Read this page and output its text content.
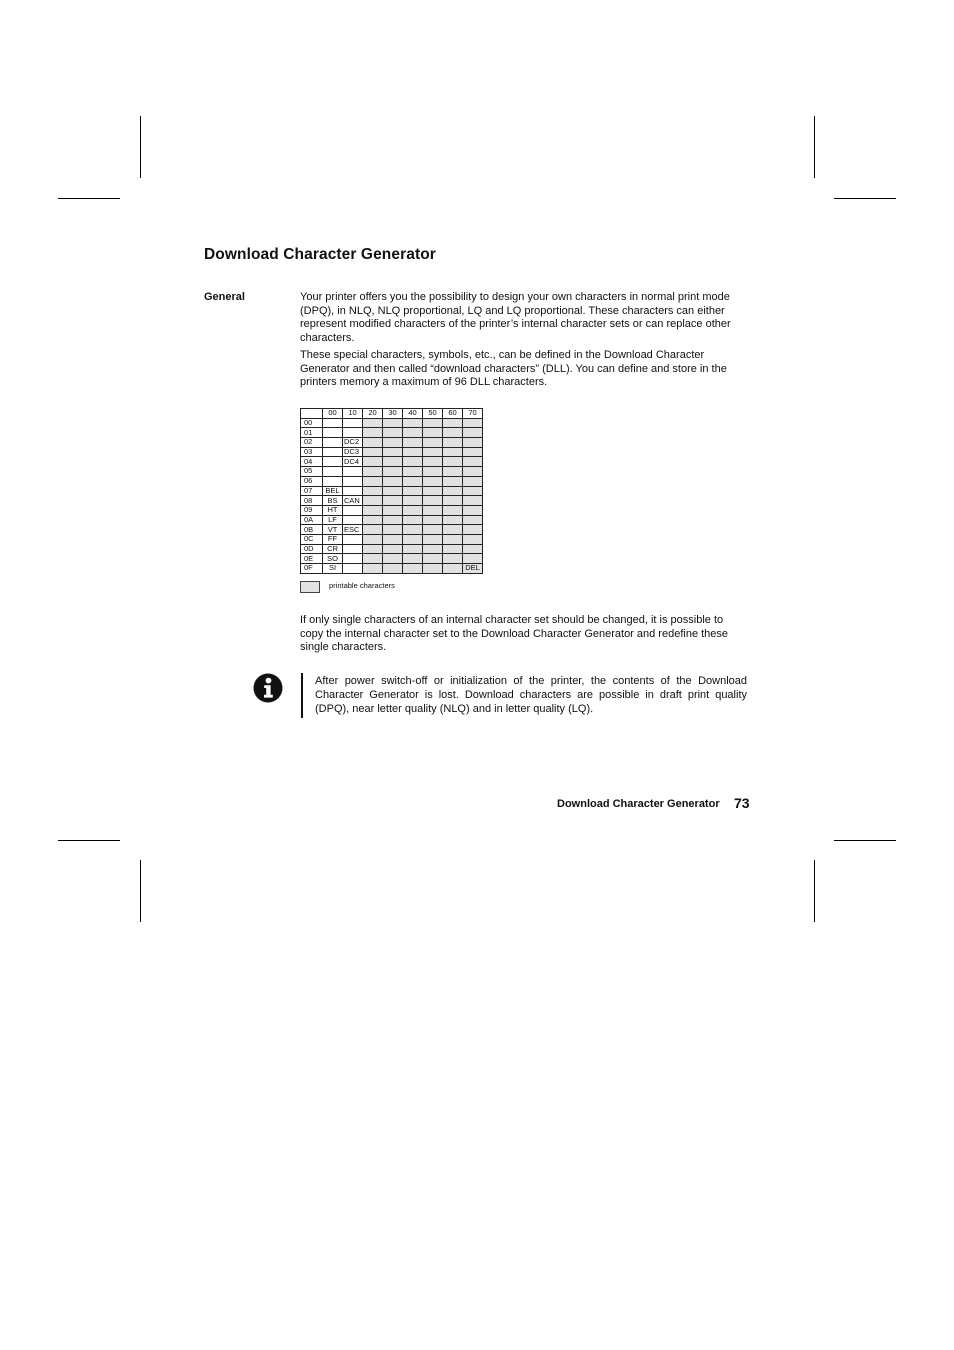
Download Character Generator
General	Your printer offers you the possibility to design your own characters in normal print mode (DPQ), in NLQ, NLQ proportional, LQ and LQ proportional. These characters can either represent modified characters of the printer’s internal character sets or can replace other characters.
These special characters, symbols, etc., can be defined in the Download Character Generator and then called “download characters” (DLL). You can define and store in the printers memory a maximum of 96 DLL characters.
	00	10	20	30	40	50	60	70
00								
01								
02		DC2						
03		DC3						
04		DC4						
05								
06								
07	BEL							
08	BS	CAN						
09	HT							
0A	LF							
0B	VT	ESC						
0C	FF							
0D	CR							
0E	SO							
0F	SI							DEL
printable characters
If only single characters of an internal character set should be changed, it is possible to copy the internal character set to the Download Character Generator and redefine these single characters.
After power switch-off or initialization of the printer, the contents of the Download Character Generator is lost. Download characters are possible in draft print quality (DPQ), near letter quality (NLQ) and in letter quality (LQ).
Download Character Generator 73
